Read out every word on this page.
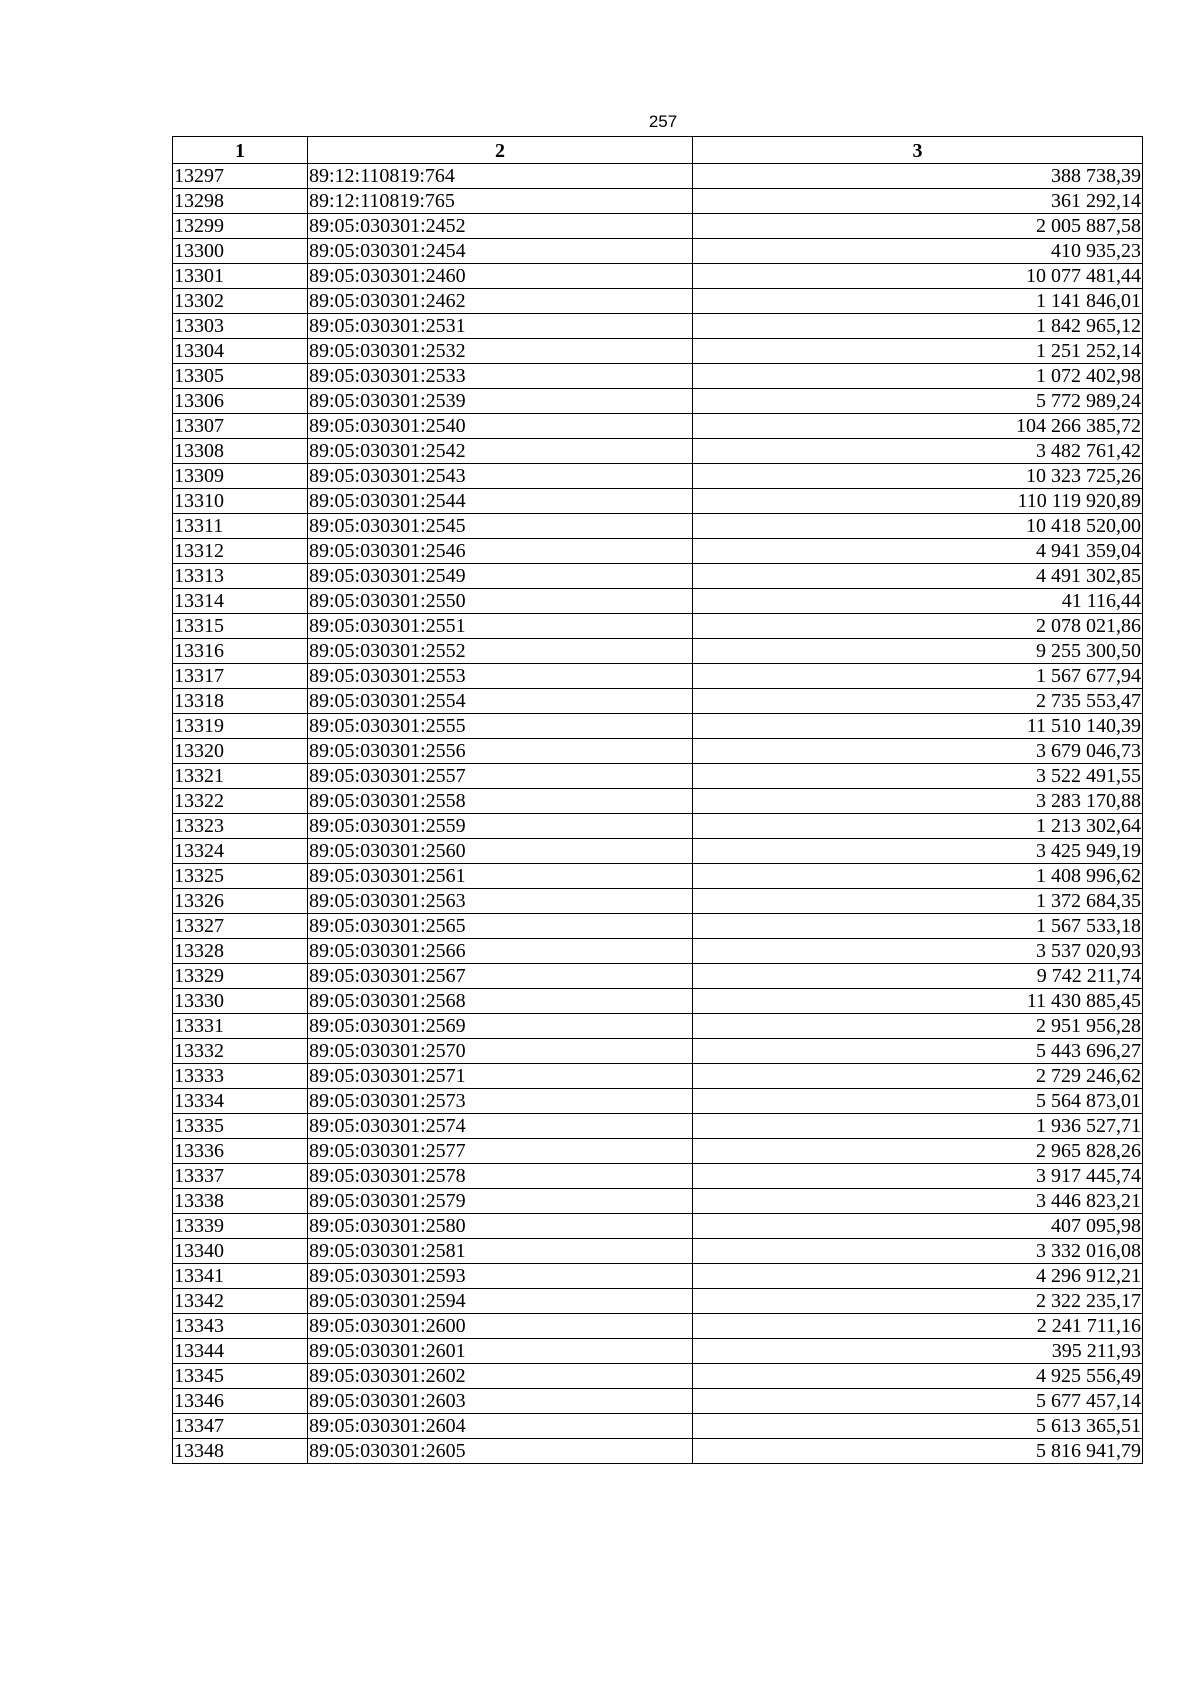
257
1	2	3
13297	89:12:110819:764	388 738,39
13298	89:12:110819:765	361 292,14
13299	89:05:030301:2452	2 005 887,58
13300	89:05:030301:2454	410 935,23
13301	89:05:030301:2460	10 077 481,44
13302	89:05:030301:2462	1 141 846,01
13303	89:05:030301:2531	1 842 965,12
13304	89:05:030301:2532	1 251 252,14
13305	89:05:030301:2533	1 072 402,98
13306	89:05:030301:2539	5 772 989,24
13307	89:05:030301:2540	104 266 385,72
13308	89:05:030301:2542	3 482 761,42
13309	89:05:030301:2543	10 323 725,26
13310	89:05:030301:2544	110 119 920,89
13311	89:05:030301:2545	10 418 520,00
13312	89:05:030301:2546	4 941 359,04
13313	89:05:030301:2549	4 491 302,85
13314	89:05:030301:2550	41 116,44
13315	89:05:030301:2551	2 078 021,86
13316	89:05:030301:2552	9 255 300,50
13317	89:05:030301:2553	1 567 677,94
13318	89:05:030301:2554	2 735 553,47
13319	89:05:030301:2555	11 510 140,39
13320	89:05:030301:2556	3 679 046,73
13321	89:05:030301:2557	3 522 491,55
13322	89:05:030301:2558	3 283 170,88
13323	89:05:030301:2559	1 213 302,64
13324	89:05:030301:2560	3 425 949,19
13325	89:05:030301:2561	1 408 996,62
13326	89:05:030301:2563	1 372 684,35
13327	89:05:030301:2565	1 567 533,18
13328	89:05:030301:2566	3 537 020,93
13329	89:05:030301:2567	9 742 211,74
13330	89:05:030301:2568	11 430 885,45
13331	89:05:030301:2569	2 951 956,28
13332	89:05:030301:2570	5 443 696,27
13333	89:05:030301:2571	2 729 246,62
13334	89:05:030301:2573	5 564 873,01
13335	89:05:030301:2574	1 936 527,71
13336	89:05:030301:2577	2 965 828,26
13337	89:05:030301:2578	3 917 445,74
13338	89:05:030301:2579	3 446 823,21
13339	89:05:030301:2580	407 095,98
13340	89:05:030301:2581	3 332 016,08
13341	89:05:030301:2593	4 296 912,21
13342	89:05:030301:2594	2 322 235,17
13343	89:05:030301:2600	2 241 711,16
13344	89:05:030301:2601	395 211,93
13345	89:05:030301:2602	4 925 556,49
13346	89:05:030301:2603	5 677 457,14
13347	89:05:030301:2604	5 613 365,51
13348	89:05:030301:2605	5 816 941,79
